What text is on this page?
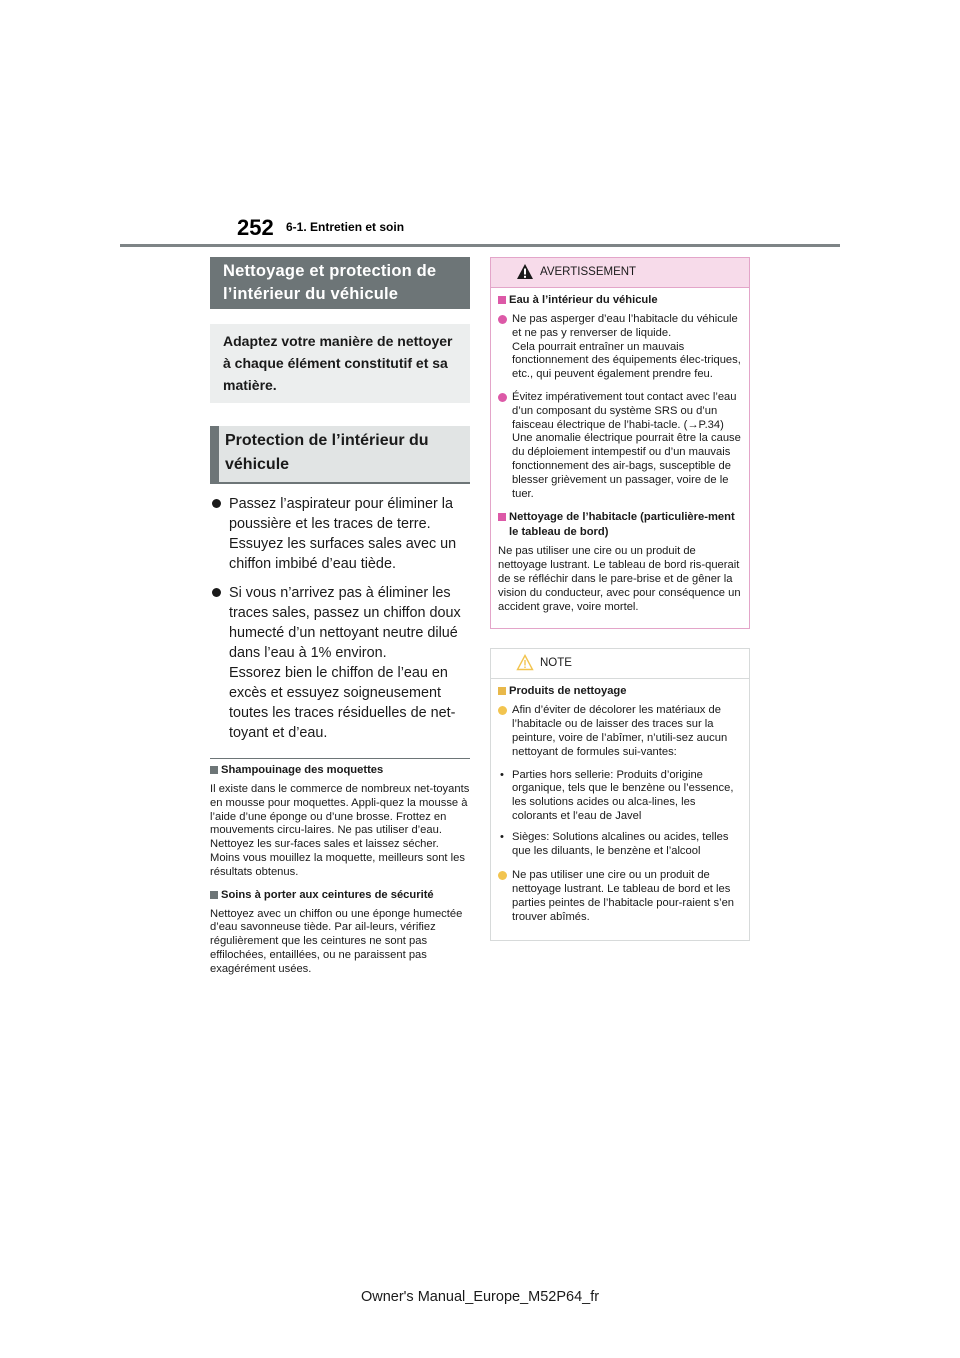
252 6-1. Entretien et soin
Nettoyage et protection de l’intérieur du véhicule
Adaptez votre manière de nettoyer à chaque élément constitutif et sa matière.
Protection de l’intérieur du véhicule

Passez l’aspirateur pour éliminer la poussière et les traces de terre. Essuyez les surfaces sales avec un chiffon imbibé d’eau tiède.

Si vous n’arrivez pas à éliminer les traces sales, passez un chiffon doux humecté d’un nettoyant neutre dilué dans l’eau à 1% environ.

Essorez bien le chiffon de l’eau en excès et essuyez soigneusement toutes les traces résiduelles de net-toyant et d’eau.

Shampouinage des moquettes

Il existe dans le commerce de nombreux net-toyants en mousse pour moquettes. Appli-quez la mousse à l’aide d’une éponge ou d’une brosse. Frottez en mouvements circu-laires. Ne pas utiliser d’eau. Nettoyez les sur-faces sales et laissez sécher. Moins vous mouillez la moquette, meilleurs sont les résultats obtenus.

Soins à porter aux ceintures de sécurité

Nettoyez avec un chiffon ou une éponge humectée d’eau savonneuse tiède. Par ail-leurs, vérifiez régulièrement que les ceintures ne sont pas effilochées, entaillées, ou ne paraissent pas exagérément usées.

AVERTISSEMENT
Eau à l’intérieur du véhicule

Ne pas asperger d’eau l’habitacle du véhicule et ne pas y renverser de liquide.

Cela pourrait entraîner un mauvais fonctionnement des équipements élec-triques, etc., qui peuvent également prendre feu.

Évitez impérativement tout contact avec l’eau d’un composant du système SRS ou d’un faisceau électrique de l’habi-tacle. (→P.34)

Une anomalie électrique pourrait être la cause du déploiement intempestif ou d’un mauvais fonctionnement des air-bags, susceptible de blesser grièvement un passager, voire de le tuer.

Nettoyage de l’habitacle (particulière-ment le tableau de bord)

Ne pas utiliser une cire ou un produit de nettoyage lustrant. Le tableau de bord ris-querait de se réfléchir dans le pare-brise et de gêner la vision du conducteur, avec pour conséquence un accident grave, voire mortel.

NOTE
Produits de nettoyage

Afin d’éviter de décolorer les matériaux de l’habitacle ou de laisser des traces sur la peinture, voire de l’abîmer, n’utili-sez aucun nettoyant de formules sui-vantes:

• Parties hors sellerie: Produits d’origine organique, tels que le benzène ou l’essence, les solutions acides ou alca-lines, les colorants et l’eau de Javel
• Sièges: Solutions alcalines ou acides, telles que les diluants, le benzène et l’alcool

Ne pas utiliser une cire ou un produit de nettoyage lustrant. Le tableau de bord et les parties peintes de l’habitacle pour-raient s’en trouver abîmés.

Owner's Manual_Europe_M52P64_fr
